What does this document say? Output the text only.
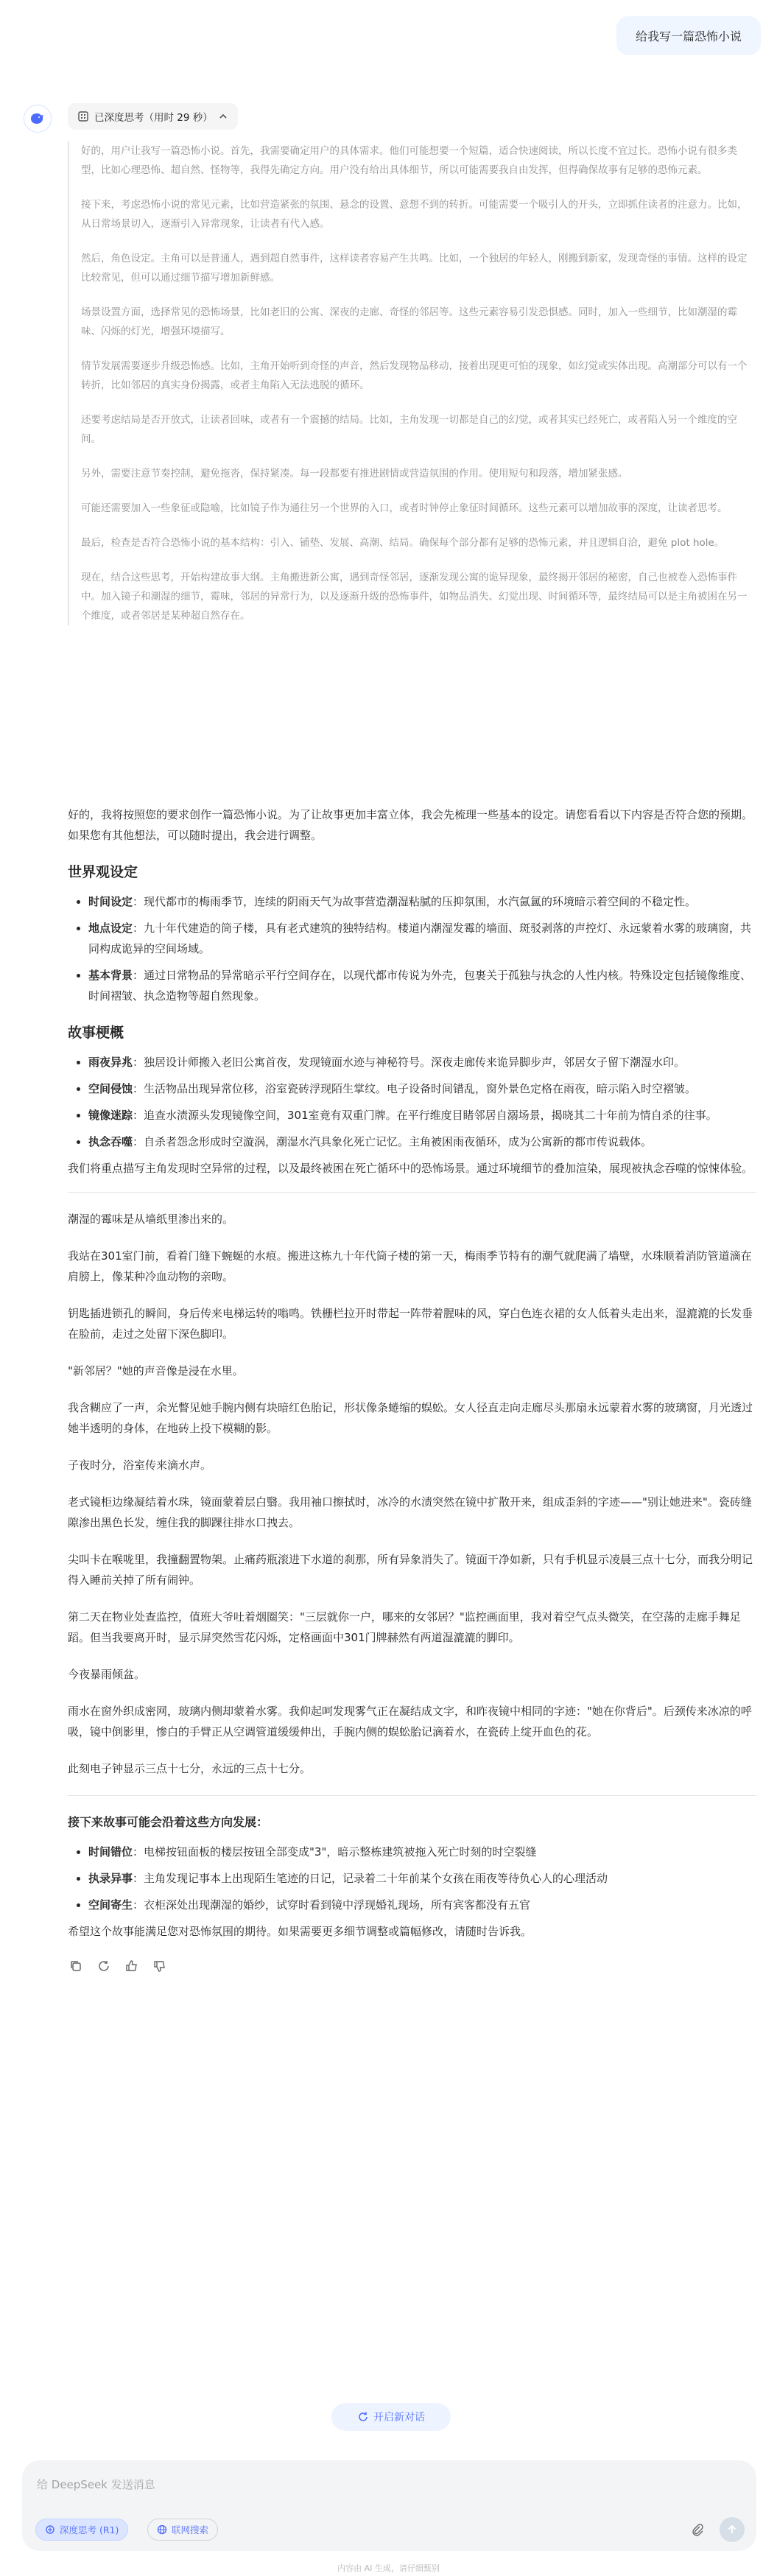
给我写一篇恐怖小说
已深度思考（用时 29 秒）

好的，用户让我写一篇恐怖小说。首先，我需要确定用户的具体需求。他们可能想要一个短篇，适合快速阅读，所以长度不宜过长。恐怖小说有很多类型，比如心理恐怖、超自然、怪物等，我得先确定方向。用户没有给出具体细节，所以可能需要我自由发挥，但得确保故事有足够的恐怖元素。

接下来，考虑恐怖小说的常见元素，比如营造紧张的氛围、悬念的设置、意想不到的转折。可能需要一个吸引人的开头，立即抓住读者的注意力。比如，从日常场景切入，逐渐引入异常现象，让读者有代入感。

然后，角色设定。主角可以是普通人，遇到超自然事件，这样读者容易产生共鸣。比如，一个独居的年轻人，刚搬到新家，发现奇怪的事情。这样的设定比较常见，但可以通过细节描写增加新鲜感。

场景设置方面，选择常见的恐怖场景，比如老旧的公寓、深夜的走廊、奇怪的邻居等。这些元素容易引发恐惧感。同时，加入一些细节，比如潮湿的霉味、闪烁的灯光，增强环境描写。

情节发展需要逐步升级恐怖感。比如，主角开始听到奇怪的声音，然后发现物品移动，接着出现更可怕的现象，如幻觉或实体出现。高潮部分可以有一个转折，比如邻居的真实身份揭露，或者主角陷入无法逃脱的循环。

还要考虑结局是否开放式，让读者回味，或者有一个震撼的结局。比如，主角发现一切都是自己的幻觉，或者其实已经死亡，或者陷入另一个维度的空间。

另外，需要注意节奏控制，避免拖沓，保持紧凑。每一段都要有推进剧情或营造氛围的作用。使用短句和段落，增加紧张感。

可能还需要加入一些象征或隐喻，比如镜子作为通往另一个世界的入口，或者时钟停止象征时间循环。这些元素可以增加故事的深度，让读者思考。

最后，检查是否符合恐怖小说的基本结构：引入、铺垫、发展、高潮、结局。确保每个部分都有足够的恐怖元素，并且逻辑自洽，避免 plot hole。

现在，结合这些思考，开始构建故事大纲。主角搬进新公寓，遇到奇怪邻居，逐渐发现公寓的诡异现象，最终揭开邻居的秘密，自己也被卷入恐怖事件中。加入镜子和潮湿的细节，霉味，邻居的异常行为，以及逐渐升级的恐怖事件，如物品消失、幻觉出现、时间循环等，最终结局可以是主角被困在另一个维度，或者邻居是某种超自然存在。

好的，我将按照您的要求创作一篇恐怖小说。为了让故事更加丰富立体，我会先梳理一些基本的设定。请您看看以下内容是否符合您的预期。如果您有其他想法，可以随时提出，我会进行调整。

世界观设定
时间设定：现代都市的梅雨季节，连续的阴雨天气为故事营造潮湿粘腻的压抑氛围，水汽氤氲的环境暗示着空间的不稳定性。
地点设定：九十年代建造的筒子楼，具有老式建筑的独特结构。楼道内潮湿发霉的墙面、斑驳剥落的声控灯、永远蒙着水雾的玻璃窗，共同构成诡异的空间场域。
基本背景：通过日常物品的异常暗示平行空间存在，以现代都市传说为外壳，包裹关于孤独与执念的人性内核。特殊设定包括镜像维度、时间褶皱、执念造物等超自然现象。
故事梗概
雨夜异兆：独居设计师搬入老旧公寓首夜，发现镜面水迹与神秘符号。深夜走廊传来诡异脚步声，邻居女子留下潮湿水印。
空间侵蚀：生活物品出现异常位移，浴室瓷砖浮现陌生掌纹。电子设备时间错乱，窗外景色定格在雨夜，暗示陷入时空褶皱。
镜像迷踪：追查水渍源头发现镜像空间，301室竟有双重门牌。在平行维度目睹邻居自溺场景，揭晓其二十年前为情自杀的往事。
执念吞噬：自杀者怨念形成时空漩涡，潮湿水汽具象化死亡记忆。主角被困雨夜循环，成为公寓新的都市传说载体。

我们将重点描写主角发现时空异常的过程，以及最终被困在死亡循环中的恐怖场景。通过环境细节的叠加渲染，展现被执念吞噬的惊悚体验。

潮湿的霉味是从墙纸里渗出来的。

我站在301室门前，看着门缝下蜿蜒的水痕。搬进这栋九十年代筒子楼的第一天，梅雨季节特有的潮气就爬满了墙壁，水珠顺着消防管道滴在肩膀上，像某种冷血动物的亲吻。

钥匙插进锁孔的瞬间，身后传来电梯运转的嗡鸣。铁栅栏拉开时带起一阵带着腥味的风，穿白色连衣裙的女人低着头走出来，湿漉漉的长发垂在脸前，走过之处留下深色脚印。

"新邻居？"她的声音像是浸在水里。

我含糊应了一声，余光瞥见她手腕内侧有块暗红色胎记，形状像条蜷缩的蜈蚣。女人径直走向走廊尽头那扇永远蒙着水雾的玻璃窗，月光透过她半透明的身体，在地砖上投下模糊的影。

子夜时分，浴室传来滴水声。

老式镜柜边缘凝结着水珠，镜面蒙着层白翳。我用袖口擦拭时，冰冷的水渍突然在镜中扩散开来，组成歪斜的字迹——"别让她进来"。瓷砖缝隙渗出黑色长发，缠住我的脚踝往排水口拽去。

尖叫卡在喉咙里，我撞翻置物架。止痛药瓶滚进下水道的刹那，所有异象消失了。镜面干净如新，只有手机显示凌晨三点十七分，而我分明记得入睡前关掉了所有闹钟。

第二天在物业处查监控，值班大爷吐着烟圈笑："三层就你一户，哪来的女邻居？"监控画面里，我对着空气点头微笑，在空荡的走廊手舞足蹈。但当我要离开时，显示屏突然雪花闪烁，定格画面中301门牌赫然有两道湿漉漉的脚印。

今夜暴雨倾盆。

雨水在窗外织成密网，玻璃内侧却蒙着水雾。我仰起呵发现雾气正在凝结成文字，和昨夜镜中相同的字迹："她在你背后"。后颈传来冰凉的呼吸，镜中倒影里，惨白的手臂正从空调管道缓缓伸出，手腕内侧的蜈蚣胎记滴着水，在瓷砖上绽开血色的花。

此刻电子钟显示三点十七分，永远的三点十七分。

接下来故事可能会沿着这些方向发展：
时间错位：电梯按钮面板的楼层按钮全部变成"3"，暗示整栋建筑被拖入死亡时刻的时空裂缝
执录异事：主角发现记事本上出现陌生笔迹的日记，记录着二十年前某个女孩在雨夜等待负心人的心理活动
空间寄生：衣柜深处出现潮湿的婚纱，试穿时看到镜中浮现婚礼现场，所有宾客都没有五官

希望这个故事能满足您对恐怖氛围的期待。如果需要更多细节调整或篇幅修改，请随时告诉我。

开启新对话
给 DeepSeek 发送消息
深度思考 (R1)	联网搜索
内容由 AI 生成，请仔细甄别
